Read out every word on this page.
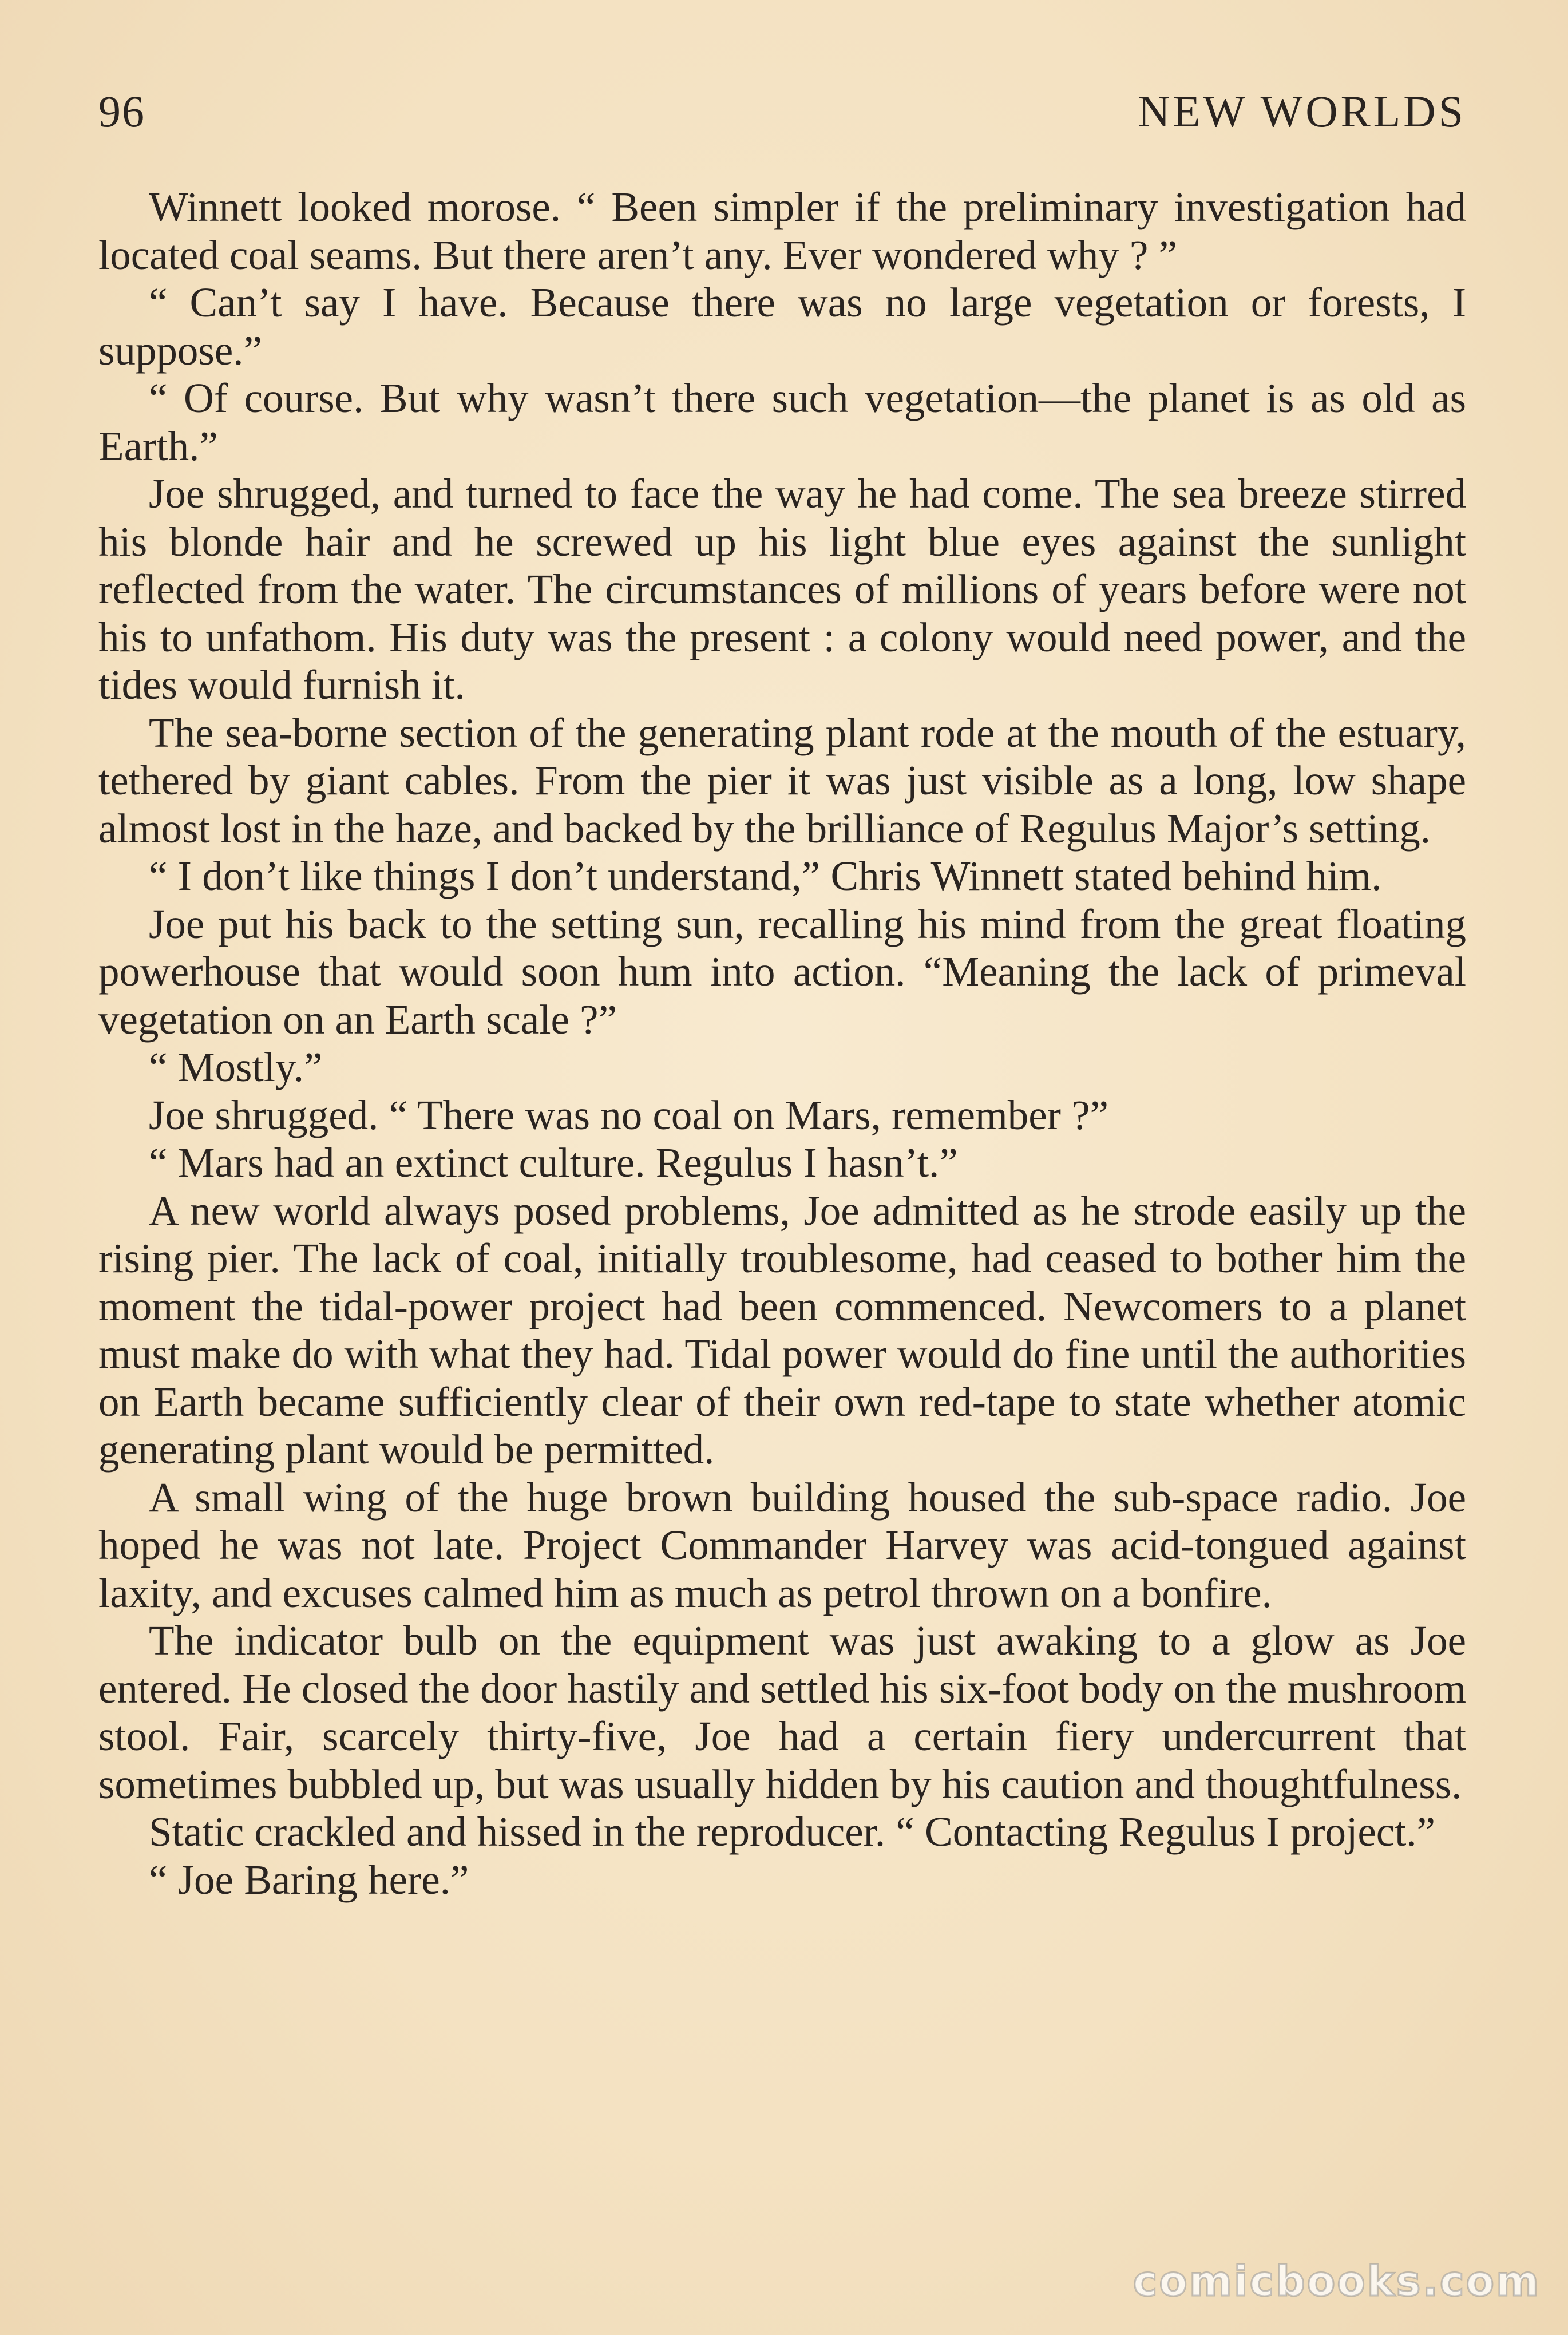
96	NEW WORLDS

Winnett looked morose. “ Been simpler if the preliminary investigation had located coal seams. But there aren’t any. Ever wondered why ? ”

“ Can’t say I have. Because there was no large vegetation or forests, I suppose.”

“ Of course. But why wasn’t there such vegetation—the planet is as old as Earth.”

Joe shrugged, and turned to face the way he had come. The sea breeze stirred his blonde hair and he screwed up his light blue eyes against the sunlight reflected from the water. The circumstances of millions of years before were not his to unfathom. His duty was the present : a colony would need power, and the tides would furnish it.

The sea-borne section of the generating plant rode at the mouth of the estuary, tethered by giant cables. From the pier it was just visible as a long, low shape almost lost in the haze, and backed by the brilliance of Regulus Major’s setting.

“ I don’t like things I don’t understand,” Chris Winnett stated behind him.

Joe put his back to the setting sun, recalling his mind from the great floating powerhouse that would soon hum into action. “Meaning the lack of primeval vegetation on an Earth scale ?”

“ Mostly.”

Joe shrugged. “ There was no coal on Mars, remember ?”

“ Mars had an extinct culture. Regulus I hasn’t.”

A new world always posed problems, Joe admitted as he strode easily up the rising pier. The lack of coal, initially troublesome, had ceased to bother him the moment the tidal-power project had been commenced. Newcomers to a planet must make do with what they had. Tidal power would do fine until the authorities on Earth became sufficiently clear of their own red-tape to state whether atomic generating plant would be permitted.

A small wing of the huge brown building housed the sub-space radio. Joe hoped he was not late. Project Commander Harvey was acid-tongued against laxity, and excuses calmed him as much as petrol thrown on a bonfire.

The indicator bulb on the equipment was just awaking to a glow as Joe entered. He closed the door hastily and settled his six-foot body on the mushroom stool. Fair, scarcely thirty-five, Joe had a certain fiery undercurrent that sometimes bubbled up, but was usually hidden by his caution and thoughtfulness.

Static crackled and hissed in the reproducer. “ Contacting Regulus I project.”

“ Joe Baring here.”

comicbooks.com
